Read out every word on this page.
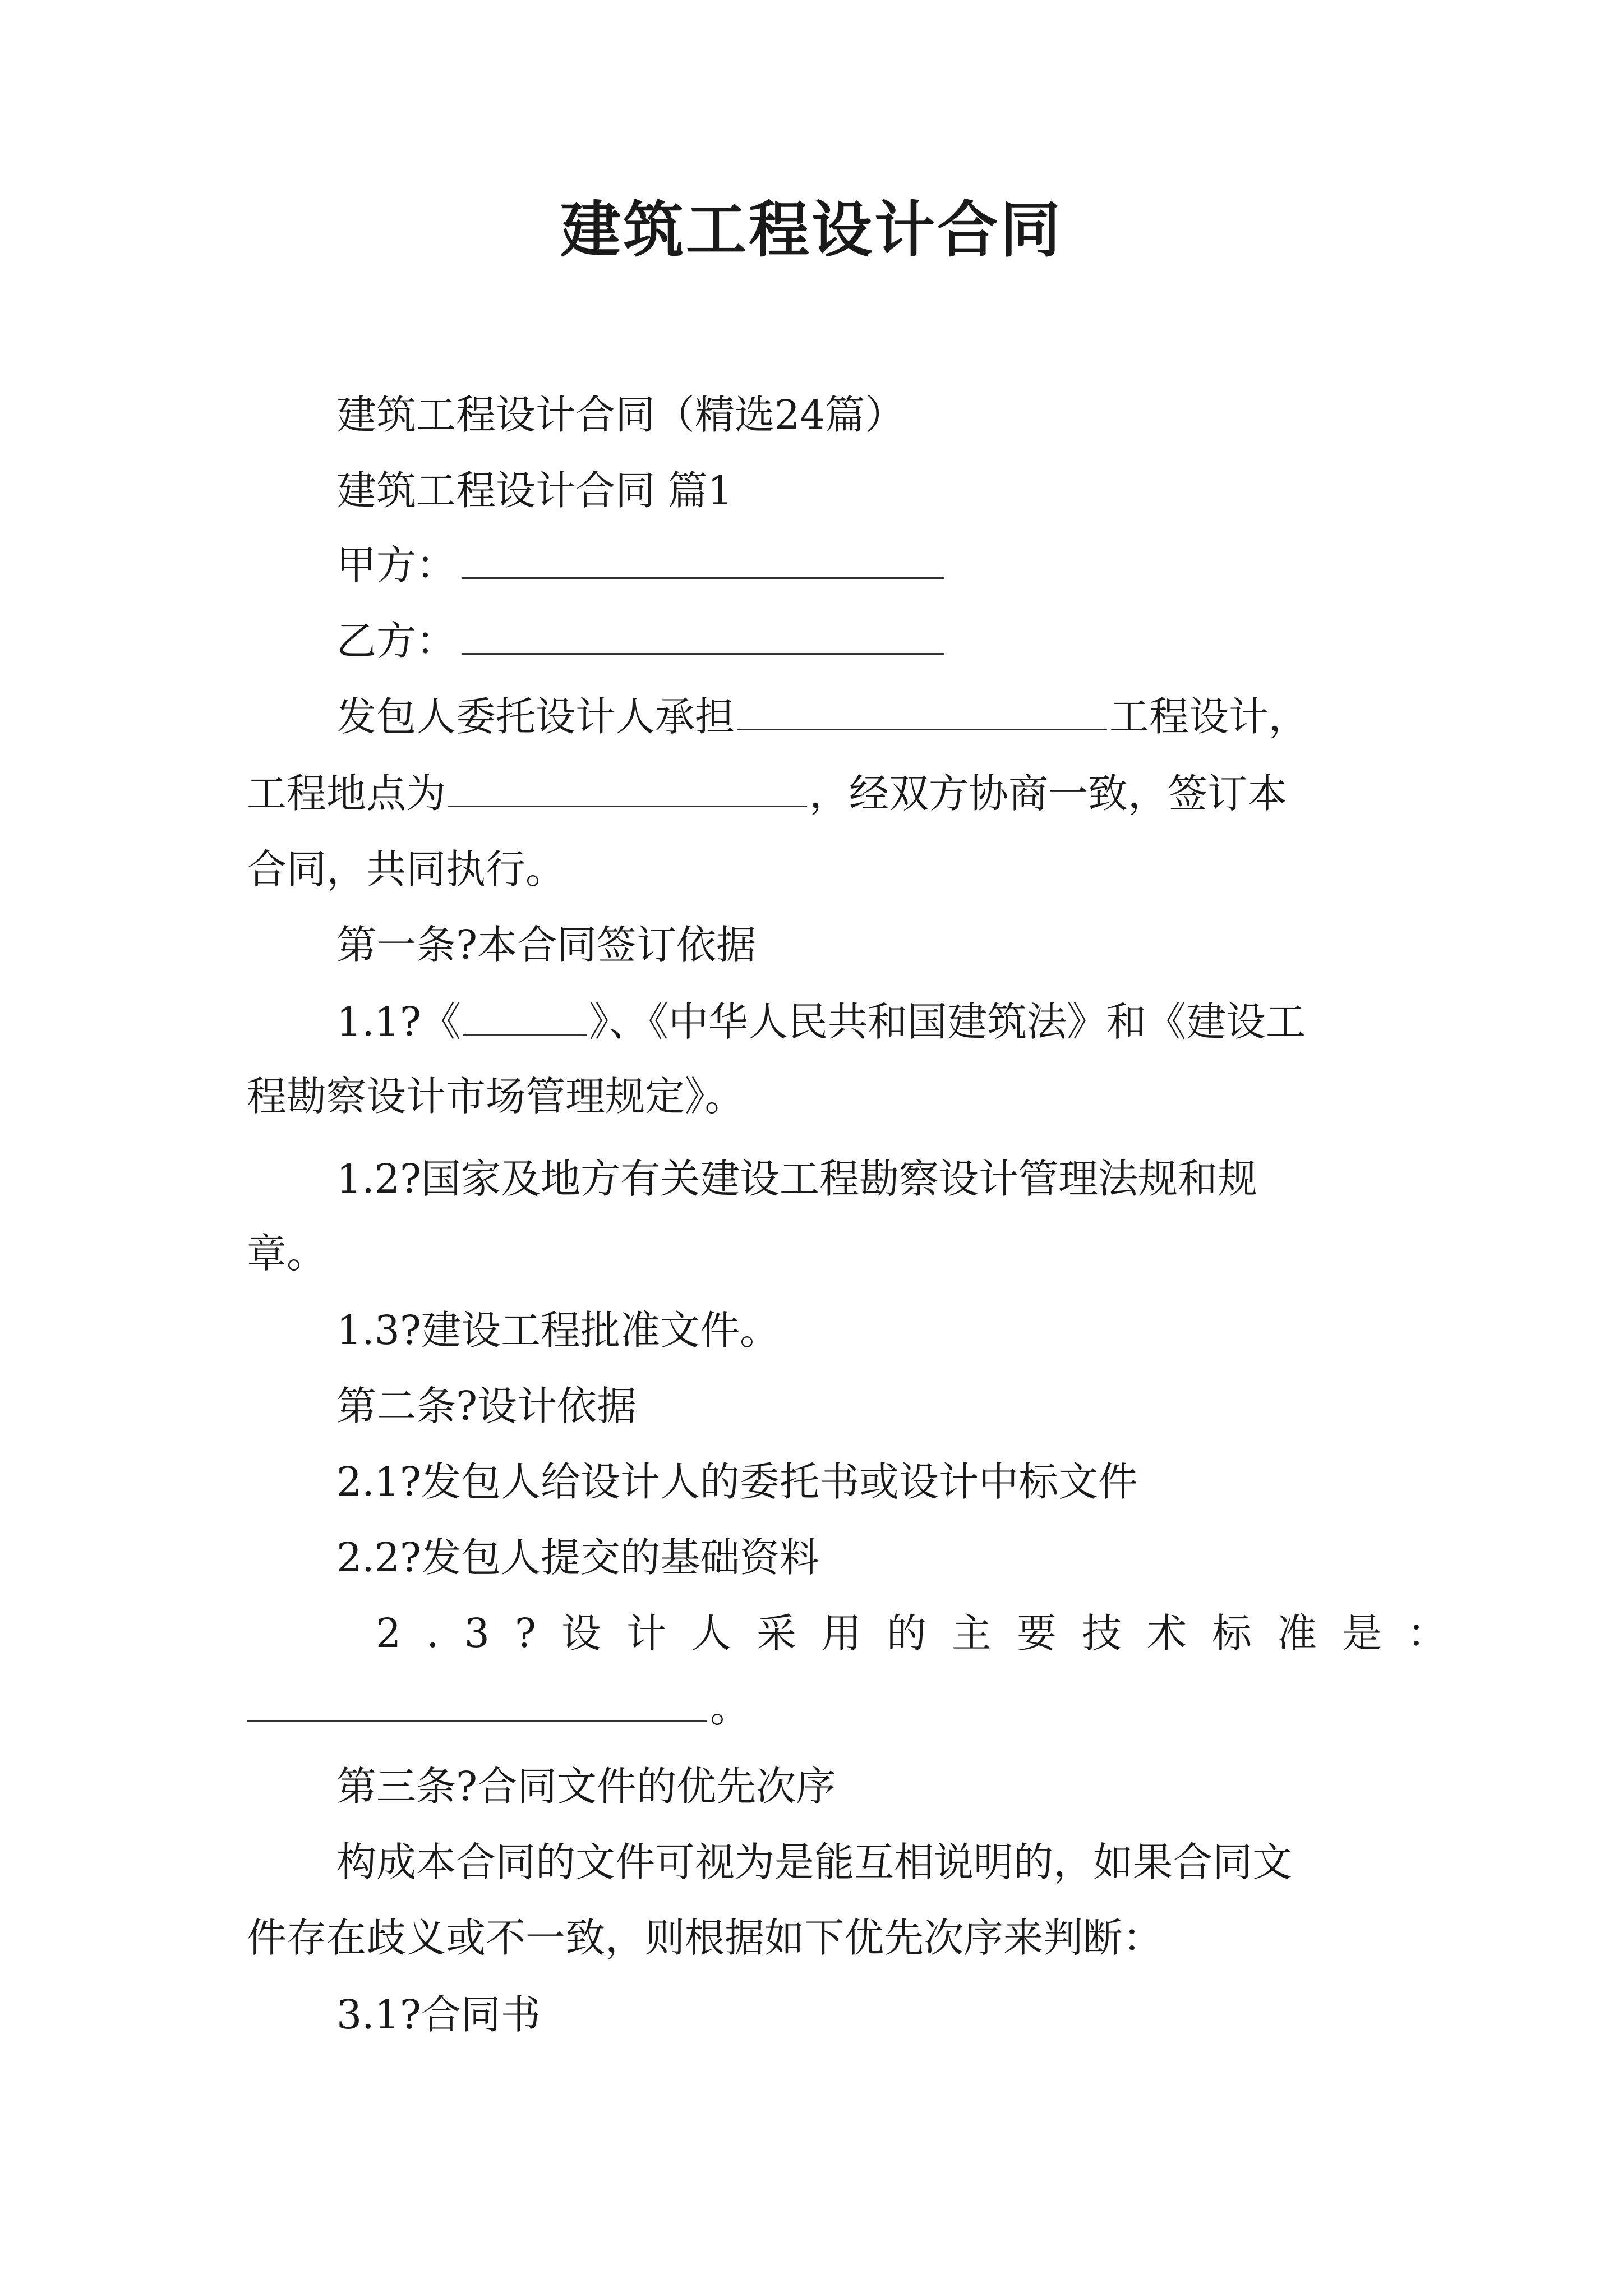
建筑工程设计合同

建筑工程设计合同（精选24篇）

建筑工程设计合同 篇1

甲方：

乙方：

发包人委托设计人承担	工程设计，

工程地点为	，经双方协商一致，签订本

合同，共同执行。

第一条?本合同签订依据

1.1?《	》、《中华人民共和国建筑法》和《建设工

程勘察设计市场管理规定》。

1.2?国家及地方有关建设工程勘察设计管理法规和规

章。

1.3?建设工程批准文件。

第二条?设计依据

2.1?发包人给设计人的委托书或设计中标文件

2.2?发包人提交的基础资料

2.3?设计人采用的主要技术标准是：

。

第三条?合同文件的优先次序

构成本合同的文件可视为是能互相说明的，如果合同文

件存在歧义或不一致，则根据如下优先次序来判断：

3.1?合同书
